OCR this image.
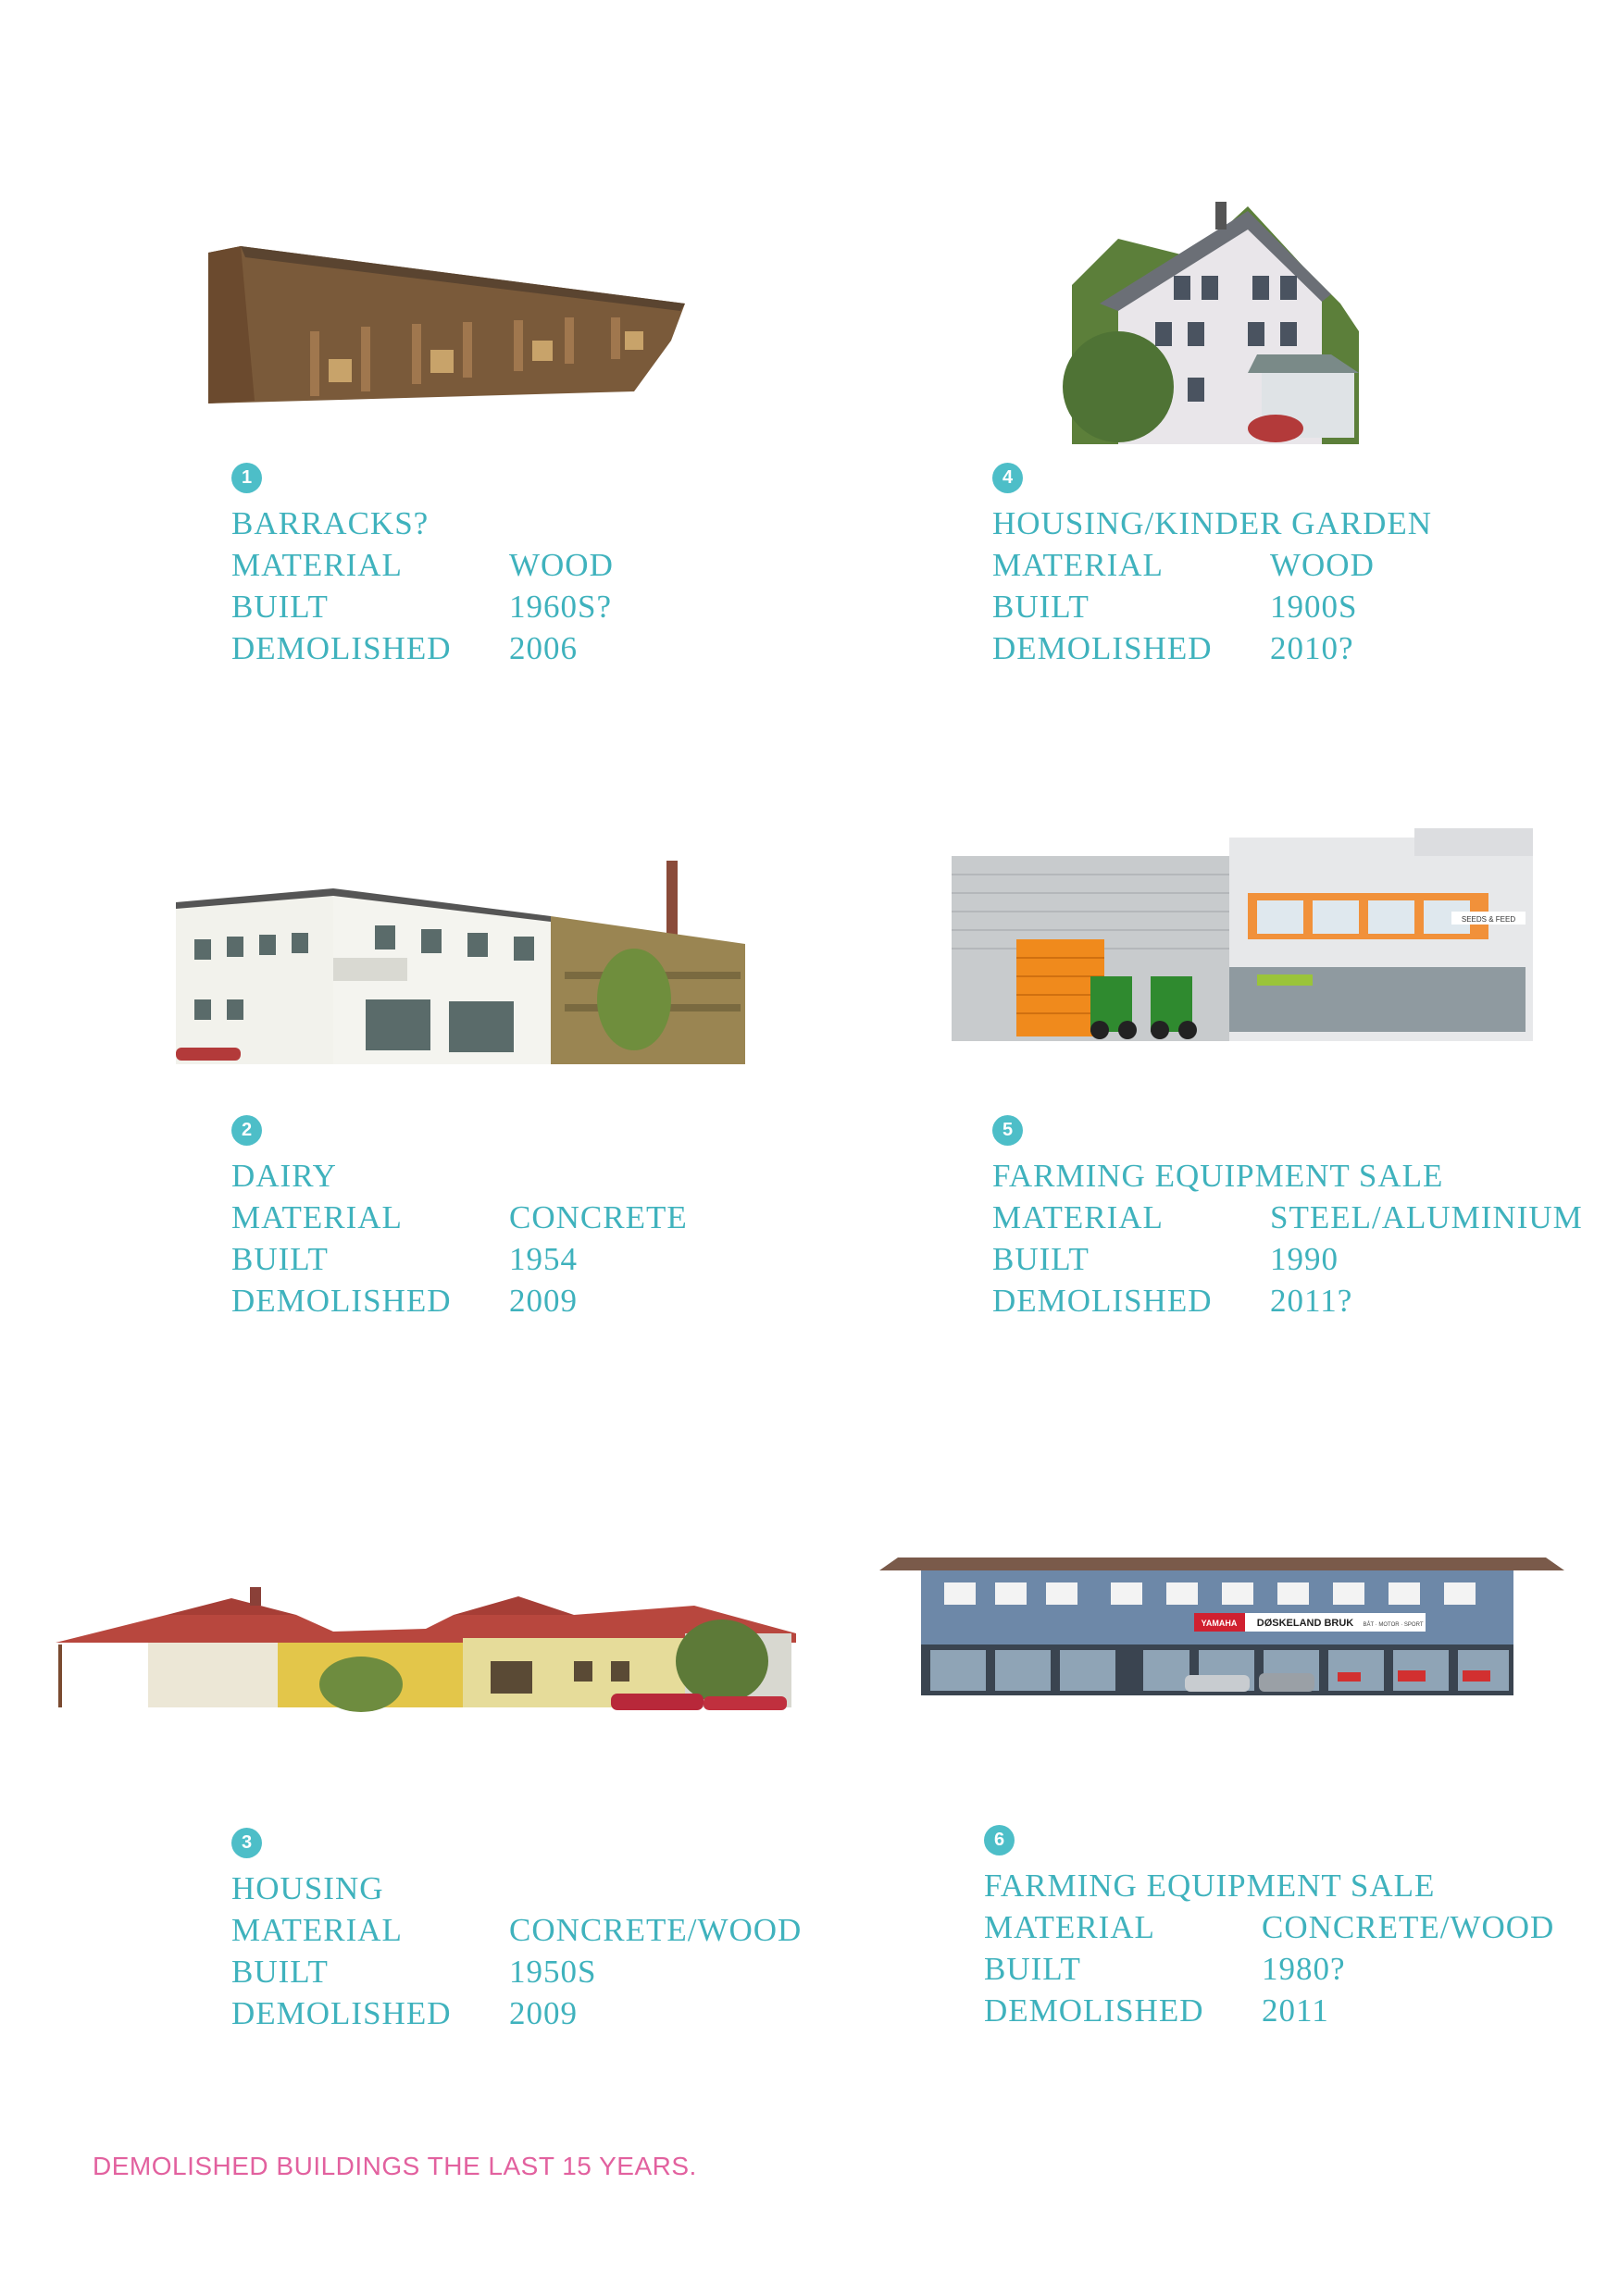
SEEDS & FEED
YAMAHA DØSKELAND BRUK BÅT · MOTOR · SPORT
1
BARRACKS?
MATERIAL	WOOD
BUILT	1960S?
DEMOLISHED	2006
2
DAIRY
MATERIAL	CONCRETE
BUILT	1954
DEMOLISHED	2009
3
HOUSING
MATERIAL	CONCRETE/WOOD
BUILT	1950S
DEMOLISHED	2009
4
HOUSING/KINDER GARDEN
MATERIAL	WOOD
BUILT	1900S
DEMOLISHED	2010?
5
FARMING EQUIPMENT SALE
MATERIAL	STEEL/ALUMINIUM
BUILT	1990
DEMOLISHED	2011?
6
FARMING EQUIPMENT SALE
MATERIAL	CONCRETE/WOOD
BUILT	1980?
DEMOLISHED	2011
DEMOLISHED BUILDINGS THE LAST 15 YEARS.
